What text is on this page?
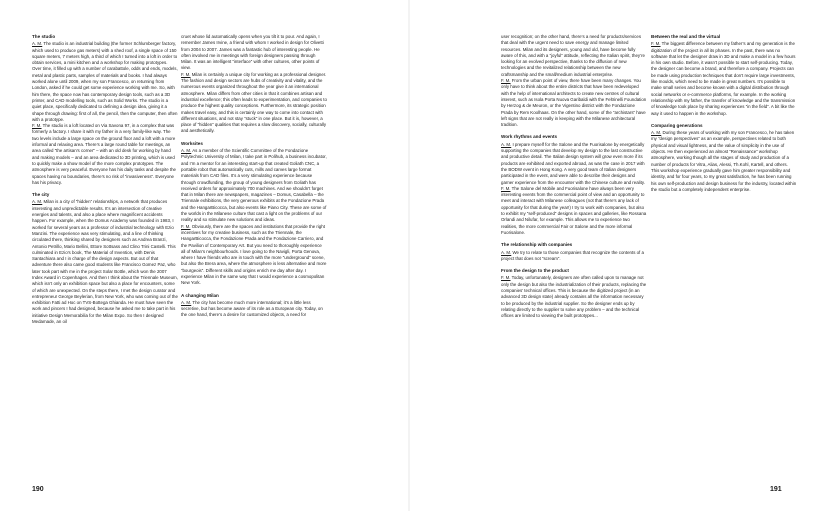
The studio
A. M. The studio is an industrial building (the former Schlumberger factory, which used to produce gas meters) with a shed roof, a single space of 150 square meters, 7 meters high, a third of which I turned into a loft in order to obtain services, a mini kitchen and a workshop for making prototypes. Over time, it filled up with a number of carabattole, odds and ends, models, metal and plastic parts, samples of materials and books. I had always worked alone until 2009, when my son Francesco, on returning from London, asked if he could get some experience working with me. So, with him there, the space now has contemporary design tools, such as a 3D printer, and CAD modelling tools, such as Solid Works. The studio is a quiet place, specifically dedicated to defining a design idea, giving it a shape through drawing: first of all, the pencil, then the computer, then often with a prototype.
F. M. The studio is a loft located on Via Savona 97, in a complex that was formerly a factory. I share it with my father in a very family-like way. The two levels include a large space on the ground floor and a loft with a more informal and relaxing area. There’s a large round table for meetings, an area called “the artisan’s corner” – with an old desk for working by hand and making models – and an area dedicated to 3D printing, which is used to quickly make a show model of the more complex prototypes. The atmosphere is very peaceful. Everyone has his daily tasks and despite the spaces having no boundaries, there’s no risk of “invasiveness”. Everyone has his privacy.
The city
A. M. Milan is a city of “hidden” relationships, a network that produces interesting and unpredictable results. It’s an intersection of creative energies and talents, and also a place where magnificent accidents happen. For example, when the Domus Academy was founded in 1983, I worked for several years as a professor of industrial technology with Ezio Manzini. The experience was very stimulating, and a line of thinking circulated there, thinking shared by designers such as Andrea Branzi, Antonio Petrillo, Mario Bellini, Ettore Sottsass and Clino Trini Castelli. This culminated in Ezio’s book, The Material of Invention, with Denis Santachiara and I in charge of the design aspects. But out of that adventure there also came good students like Francisco Gomez Paz, who later took part with me in the project Solar Bottle, which won the 2007 Index Award in Copenhagen. And then I think about the Triennale Museum, which isn’t only an exhibition space but also a place for encounters, some of which are unexpected. On the steps there, I met the design curator and entrepreneur George Beylerian, from New York, who was coming out of the exhibition Fatti ad Hoc on TVS-Bottega Ghianda. He must have seen the work and pincers I had designed, because he asked me to take part in his initiative Design Memorabilia for the Milan Expo. So then I designed Medamade, an oil
cruet whose lid automatically opens when you tilt it to pour. And again, I remember James Irvine, a friend with whom I worked in design for Olivetti from 2004 to 2007. James was a fantastic hub of interesting people. He often involved me in meetings with foreign designers passing through Milan. It was an intelligent “interface” with other cultures, other points of view.
F. M. Milan is certainly a unique city for working as a professional designer. The fashion and design sectors are hubs of creativity and vitality, and the numerous events organized throughout the year give it an international atmosphere. Milan differs from other cities in that it combines artisan and industrial excellence; this often leads to experimentation, and companies to produce the highest quality conceptions. Furthermore, its strategic position makes travel easy, and this is certainly one way to come into contact with different situations, and not stay “stuck” in one place. But it is, however, a place of “hidden” qualities that requires a slow discovery, socially, culturally and aesthetically.
Worksites
A. M. As a member of the Scientific Committee of the Fondazione Polytechnic University of Milan, I take part in Polihub, a business incubator, and I’m a mentor for an interesting start-up that created Goliath CNC, a portable robot that automatically cuts, mills and carves large format materials from CAD files. It’s a very stimulating experience because through crowdfunding, the group of young designers from Goliath has received orders for approximately 700 machines. And we shouldn’t forget that in Milan there are newspapers, magazines – Domus, Casabella – the Triennale exhibitions, the very generous exhibits at the Fondazione Prada and the HangarBicocca, but also events like Piano City. These are some of the worlds in the Milanese culture that cast a light on the problems of our reality and so stimulate new solutions and ideas.
F. M. Obviously, there are the spaces and institutions that provide the right incentives for my creative business, such as the Triennale, the HangarBicocca, the Fondazione Prada and the Fondazione Carriero, and the Pavilion of Contemporary Art. But you need to thoroughly experience all of Milan’s neighbourhoods. I love going to the Navigli, Porta Genova, where I have friends who are in touch with the more “underground” scene, but also the Brera area, where the atmosphere is less alternative and more “bourgeois”. Different skills and origins enrich me day after day. I experience Milan in the same way that I would experience a cosmopolitan New York.
A changing Milan
A. M. The city has become much more international; it’s a little less secretive, but has become aware of its role as a European city. Today, on the one hand, there’s a desire for customized objects, a need for
user recognition; on the other hand, there’s a need for products/services that deal with the urgent need to save energy and manage limited resources. Milan and its designers, young and old, have become fully aware of this, and with a “joyful” attitude, reflecting the Italian spirit, they’re looking for an evolved perspective, thanks to the diffusion of new technologies and the revitalized relationship between the new craftsmanship and the small/medium industrial enterprise.
F. M. From the urban point of view, there have been many changes. You only have to think about the entire districts that have been redeveloped with the help of international architects to create new centres of cultural interest, such as Isola Porta Nuova Garibaldi with the Feltrinelli Foundation by Herzog & de Meuron, or the Vigentino district with the Fondazione Prada by Rem Koolhaas. On the other hand, some of the “archistars” have left signs that are not really in keeping with the Milanese architectural tradition.
Work rhythms and events
A. M. I prepare myself for the Salone and the Fuorisalone by energetically supporting the companies that develop my design to the last constructive and productive detail. The Italian design system will grow even more if its products are exhibited and exported abroad, as was the case in 2017 with the BODW event in Hong Kong. A very good team of Italian designers participated in the event, and were able to describe their designs and garner experience from the encounter with the Chinese culture and reality.
F. M. The Salone del Mobile and Fuorisalone have always been very interesting events from the commercial point of view and an opportunity to meet and interact with Milanese colleagues (not that there’s any lack of opportunity for that during the year!) I try to work with companies, but also to exhibit my “self-produced” designs in spaces and galleries, like Rossana Orlandi and Nilufar, for example. This allows me to experience two realities, the more commercial Fair or Salone and the more informal Fuorisalone.
The relationship with companies
A. M. We try to relate to those companies that recognize the contents of a project that does not “scream”.
From the design to the product
F. M. Today, unfortunately, designers are often called upon to manage not only the design but also the industrialization of their products, replacing the companies’ technical offices. This is because the digitized project (in an advanced 3D design state) already contains all the information necessary to be produced by the industrial supplier. So the designer ends up by relating directly to the supplier to solve any problem – and the technical offices are limited to viewing the built prototypes...
Between the real and the virtual
F. M. The biggest difference between my father’s and my generation is the digitization of the project in all its phases. In the past, there was no software that let the designer draw in 3D and make a model in a few hours in his own studio. Before, it wasn’t possible to start self-producing. Today, the designer can become a brand, and therefore a company. Projects can be made using production techniques that don’t require large investments, like moulds, which need to be made in great numbers. It’s possible to make small series and become known with a digital distribution through social networks or e-commerce platforms, for example. In the working relationship with my father, the transfer of knowledge and the transmission of knowledge took place by sharing experiences “in the field”. A bit like the way it used to happen in the workshop.
Comparing generations
A. M. During these years of working with my son Francesco, he has taken my “design perspectives” as an example, perspectives related to both physical and visual lightness, and the value of simplicity in the use of objects. He then experienced an almost “Renaissance” workshop atmosphere, working though all the stages of study and production of a number of products for Vitra, Alias, Alessi, Th.Kohl, Kartell, and others. This workshop experience gradually gave him greater responsibility and identity, and for four years, to my great satisfaction, he has been running his own self-production and design business for the industry, located within the studio but a completely independent enterprise.
190	191
